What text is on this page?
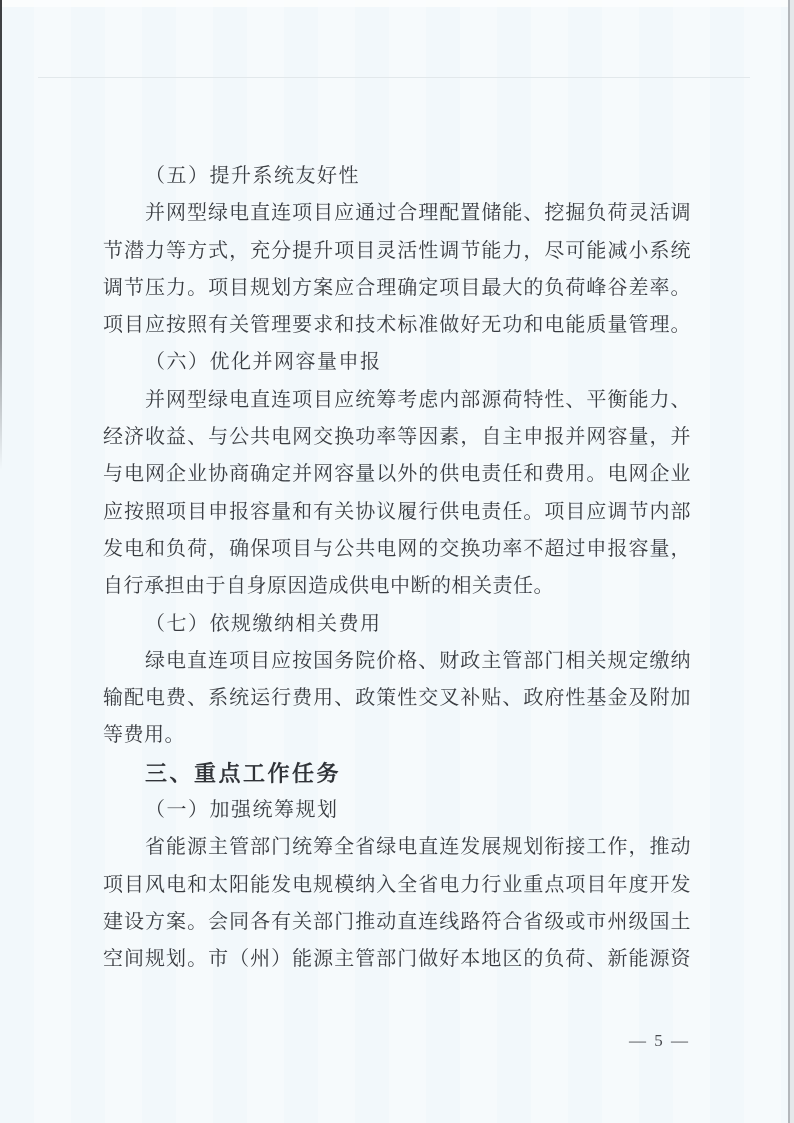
（五）提升系统友好性
并网型绿电直连项目应通过合理配置储能、挖掘负荷灵活调
节潜力等方式，充分提升项目灵活性调节能力，尽可能减小系统
调节压力。项目规划方案应合理确定项目最大的负荷峰谷差率。
项目应按照有关管理要求和技术标准做好无功和电能质量管理。
（六）优化并网容量申报
并网型绿电直连项目应统筹考虑内部源荷特性、平衡能力、
经济收益、与公共电网交换功率等因素，自主申报并网容量，并
与电网企业协商确定并网容量以外的供电责任和费用。电网企业
应按照项目申报容量和有关协议履行供电责任。项目应调节内部
发电和负荷，确保项目与公共电网的交换功率不超过申报容量，
自行承担由于自身原因造成供电中断的相关责任。
（七）依规缴纳相关费用
绿电直连项目应按国务院价格、财政主管部门相关规定缴纳
输配电费、系统运行费用、政策性交叉补贴、政府性基金及附加
等费用。
三、重点工作任务
（一）加强统筹规划
省能源主管部门统筹全省绿电直连发展规划衔接工作，推动
项目风电和太阳能发电规模纳入全省电力行业重点项目年度开发
建设方案。会同各有关部门推动直连线路符合省级或市州级国土
空间规划。市（州）能源主管部门做好本地区的负荷、新能源资
— 5 —
